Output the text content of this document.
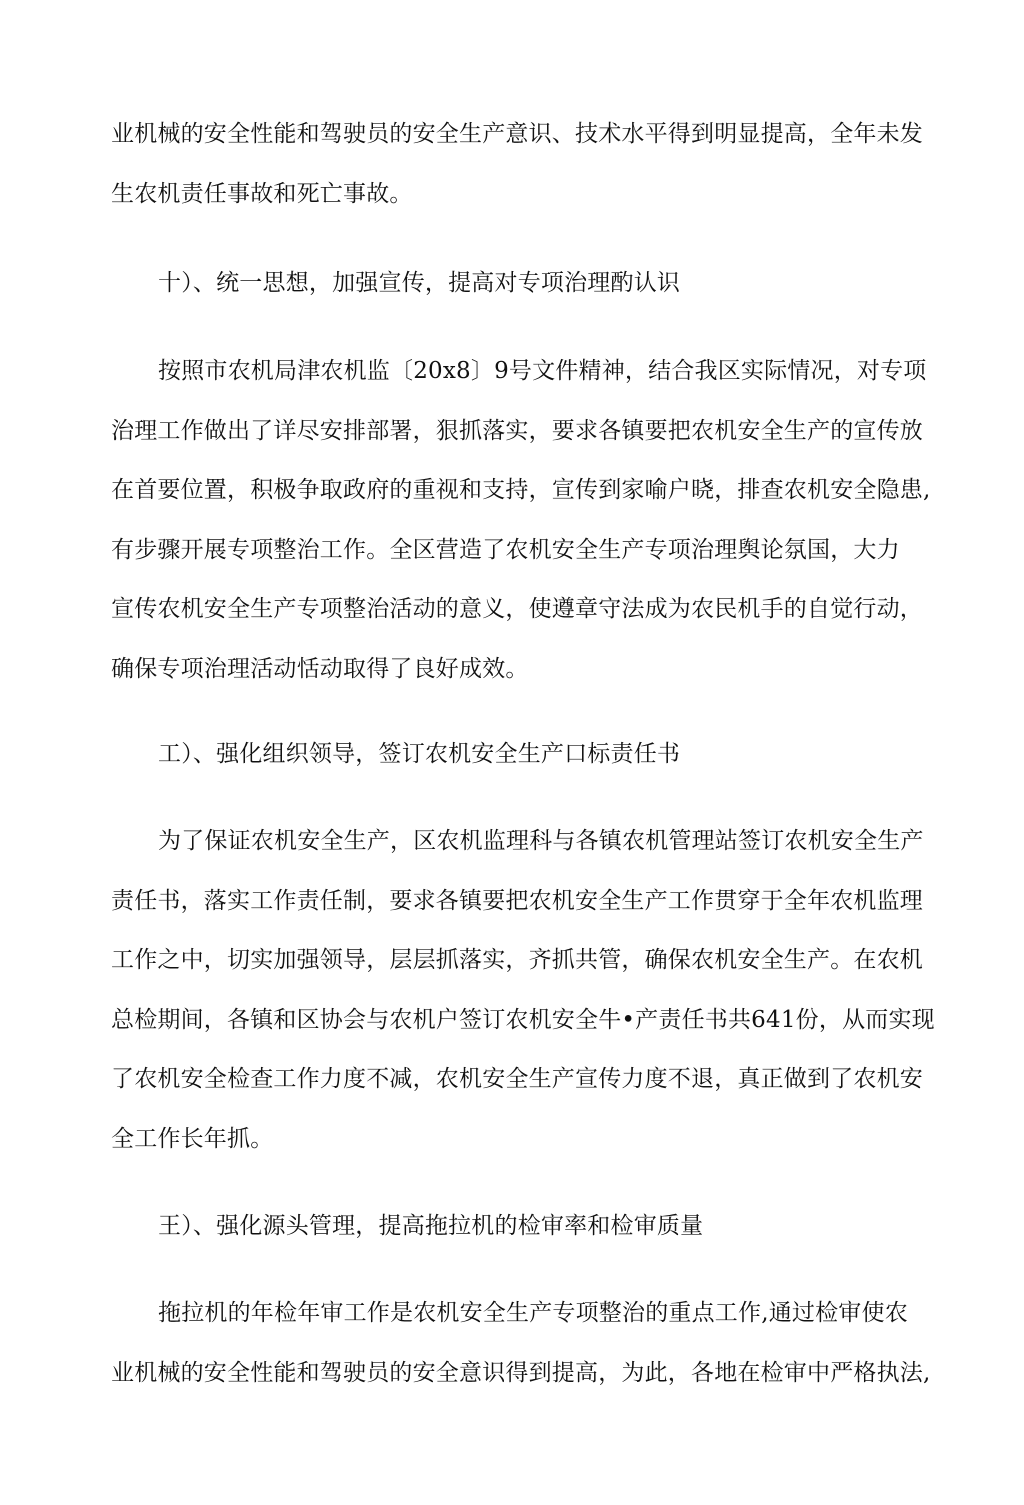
业机械的安全性能和驾驶员的安全生产意识、技术水平得到明显提高，全年未发
生农机责任事故和死亡事故。
十）、统一思想，加强宣传，提高对专项治理酌认识
按照市农机局津农机监〔20x8〕9号文件精神，结合我区实际情况，对专项
治理工作做出了详尽安排部署，狠抓落实，要求各镇要把农机安全生产的宣传放
在首要位置，积极争取政府的重视和支持，宣传到家喻户晓，排查农机安全隐患,
有步骤开展专项整治工作。全区营造了农机安全生产专项治理舆论氛国，大力
宣传农机安全生产专项整治活动的意义，使遵章守法成为农民机手的自觉行动，
确保专项治理活动恬动取得了良好成效。
工）、强化组织领导，签订农机安全生产口标责任书
为了保证农机安全生产，区农机监理科与各镇农机管理站签订农机安全生产
责任书，落实工作责任制，要求各镇要把农机安全生产工作贯穿于全年农机监理
工作之中，切实加强领导，层层抓落实，齐抓共管，确保农机安全生产。在农机
总检期间，各镇和区协会与农机户签订农机安全牛•产责任书共641份，从而实现
了农机安全检查工作力度不减，农机安全生产宣传力度不退，真正做到了农机安
全工作长年抓。
王）、强化源头管理，提高拖拉机的检审率和检审质量
拖拉机的年检年审工作是农机安全生产专项整治的重点工作,通过检审使农
业机械的安全性能和驾驶员的安全意识得到提高，为此，各地在检审中严格执法,
